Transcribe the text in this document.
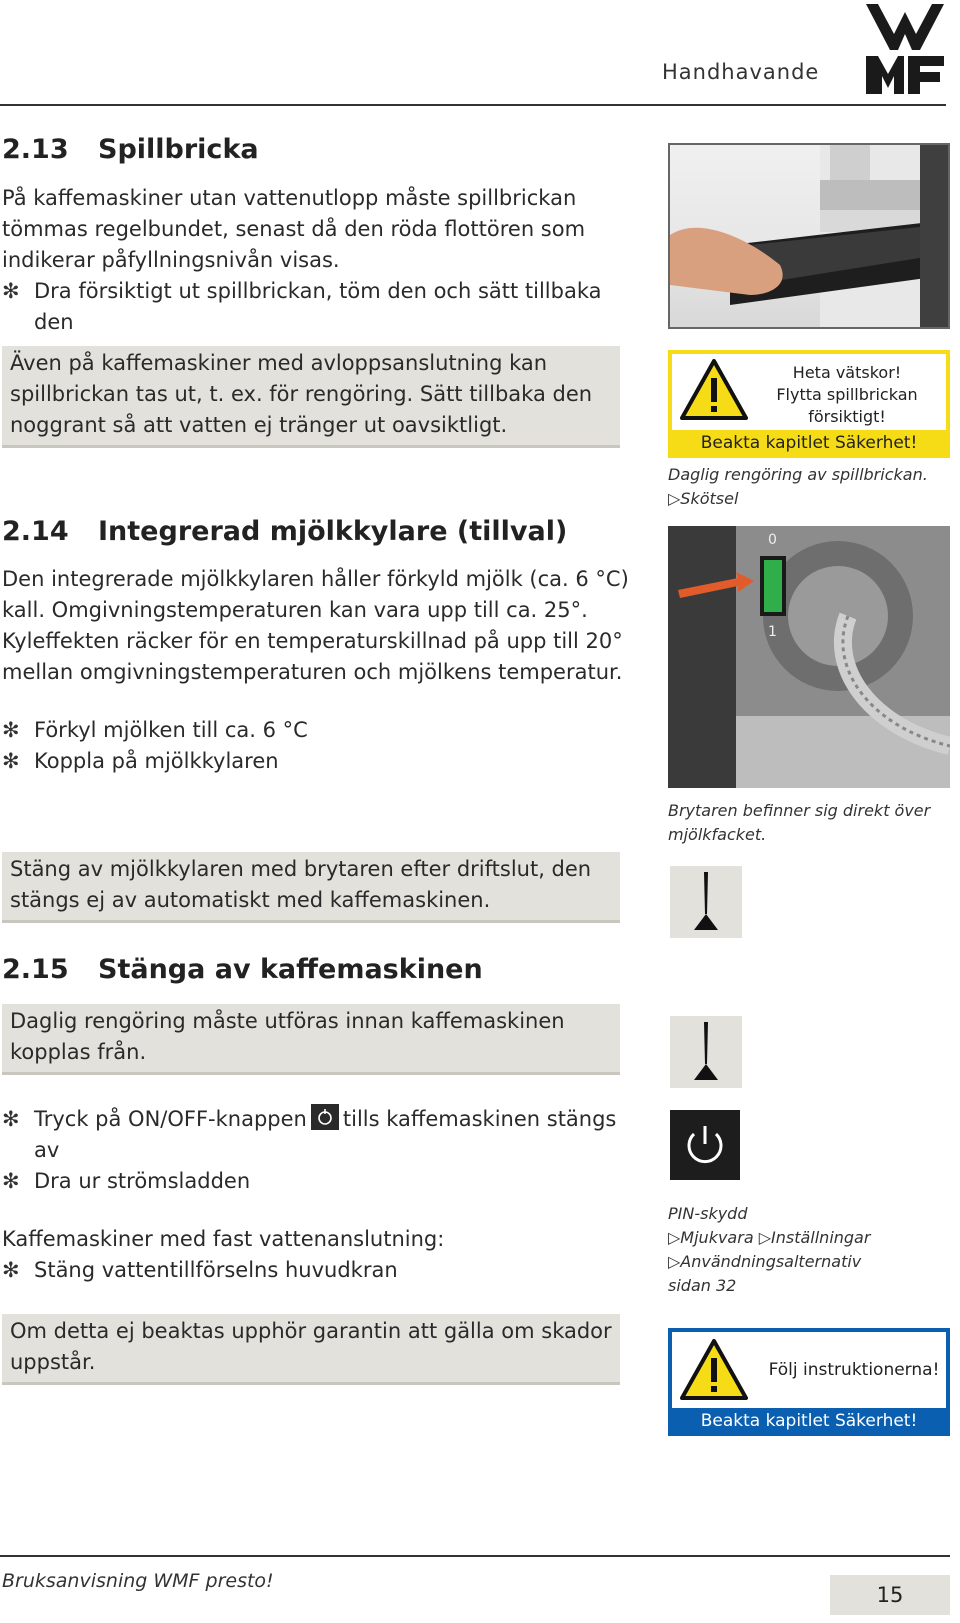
Handhavande
2.13 Spillbricka
På kaffemaskiner utan vattenutlopp måste spillbrickan
tömmas regelbundet, senast då den röda flottören som
indikerar påfyllningsnivån visas.
✻ Dra försiktigt ut spillbrickan, töm den och sätt tillbaka
den
Även på kaffemaskiner med avloppsanslutning kan
spillbrickan tas ut, t. ex. för rengöring. Sätt tillbaka den
noggrant så att vatten ej tränger ut oavsiktligt.
2.14 Integrerad mjölkkylare (tillval)
Den integrerade mjölkkylaren håller förkyld mjölk (ca. 6 °C)
kall. Omgivningstemperaturen kan vara upp till ca. 25°.
Kyleffekten räcker för en temperaturskillnad på upp till 20°
mellan omgivningstemperaturen och mjölkens temperatur.
✻ Förkyl mjölken till ca. 6 °C
✻ Koppla på mjölkkylaren
Stäng av mjölkkylaren med brytaren efter driftslut, den
stängs ej av automatiskt med kaffemaskinen.
2.15 Stänga av kaffemaskinen
Daglig rengöring måste utföras innan kaffemaskinen
kopplas från.
✻ Tryck på ON/OFF-knappen tills kaffemaskinen stängs
av
✻ Dra ur strömsladden
Kaffemaskiner med fast vattenanslutning:
✻ Stäng vattentillförselns huvudkran
Om detta ej beaktas upphör garantin att gälla om skador
uppstår.
Heta vätskor!
Flytta spillbrickan
försiktigt!
Beakta kapitlet Säkerhet!
Daglig rengöring av spillbrickan.
▷Skötsel
0
1
Brytaren befinner sig direkt över
mjölkfacket.
PIN-skydd
▷Mjukvara ▷Inställningar
▷Användningsalternativ
sidan 32
Följ instruktionerna!
Beakta kapitlet Säkerhet!
Bruksanvisning WMF presto!
15
